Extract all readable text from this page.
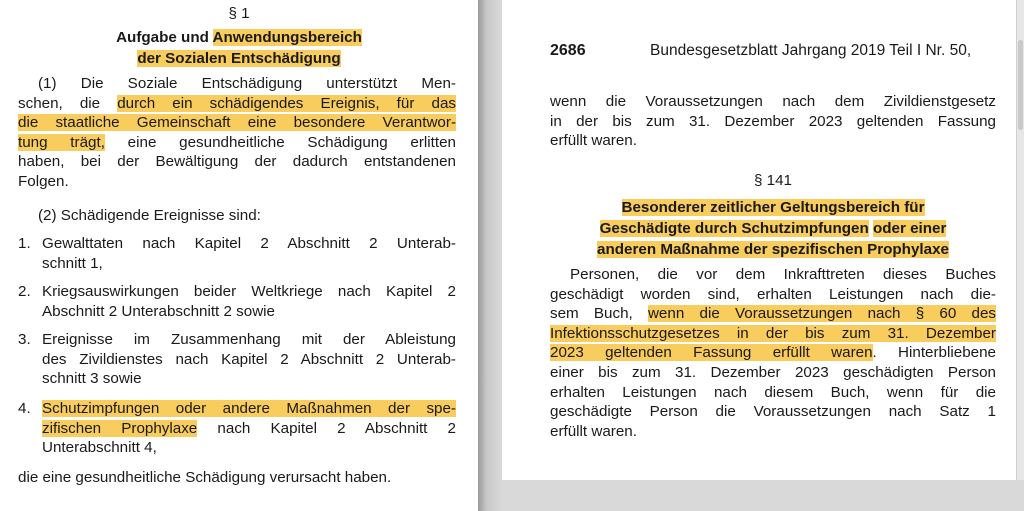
§ 1
Aufgabe und Anwendungsbereich
der Sozialen Entschädigung
(1) Die Soziale Entschädigung unterstützt Men-
schen, die durch ein schädigendes Ereignis, für das
die staatliche Gemeinschaft eine besondere Verantwor-
tung trägt, eine gesundheitliche Schädigung erlitten
haben, bei der Bewältigung der dadurch entstandenen
Folgen.
(2) Schädigende Ereignisse sind:
1. Gewalttaten nach Kapitel 2 Abschnitt 2 Unterab-
schnitt 1,
2. Kriegsauswirkungen beider Weltkriege nach Kapitel 2
Abschnitt 2 Unterabschnitt 2 sowie
3. Ereignisse im Zusammenhang mit der Ableistung
des Zivildienstes nach Kapitel 2 Abschnitt 2 Unterab-
schnitt 3 sowie
4. Schutzimpfungen oder andere Maßnahmen der spe-
zifischen Prophylaxe nach Kapitel 2 Abschnitt 2
Unterabschnitt 4,
die eine gesundheitliche Schädigung verursacht haben.
2686	Bundesgesetzblatt Jahrgang 2019 Teil I Nr. 50,
wenn die Voraussetzungen nach dem Zivildienstgesetz
in der bis zum 31. Dezember 2023 geltenden Fassung
erfüllt waren.
§ 141
Besonderer zeitlicher Geltungsbereich für
Geschädigte durch Schutzimpfungen oder einer
anderen Maßnahme der spezifischen Prophylaxe
Personen, die vor dem Inkrafttreten dieses Buches
geschädigt worden sind, erhalten Leistungen nach die-
sem Buch, wenn die Voraussetzungen nach § 60 des
Infektionsschutzgesetzes in der bis zum 31. Dezember
2023 geltenden Fassung erfüllt waren. Hinterbliebene
einer bis zum 31. Dezember 2023 geschädigten Person
erhalten Leistungen nach diesem Buch, wenn für die
geschädigte Person die Voraussetzungen nach Satz 1
erfüllt waren.
